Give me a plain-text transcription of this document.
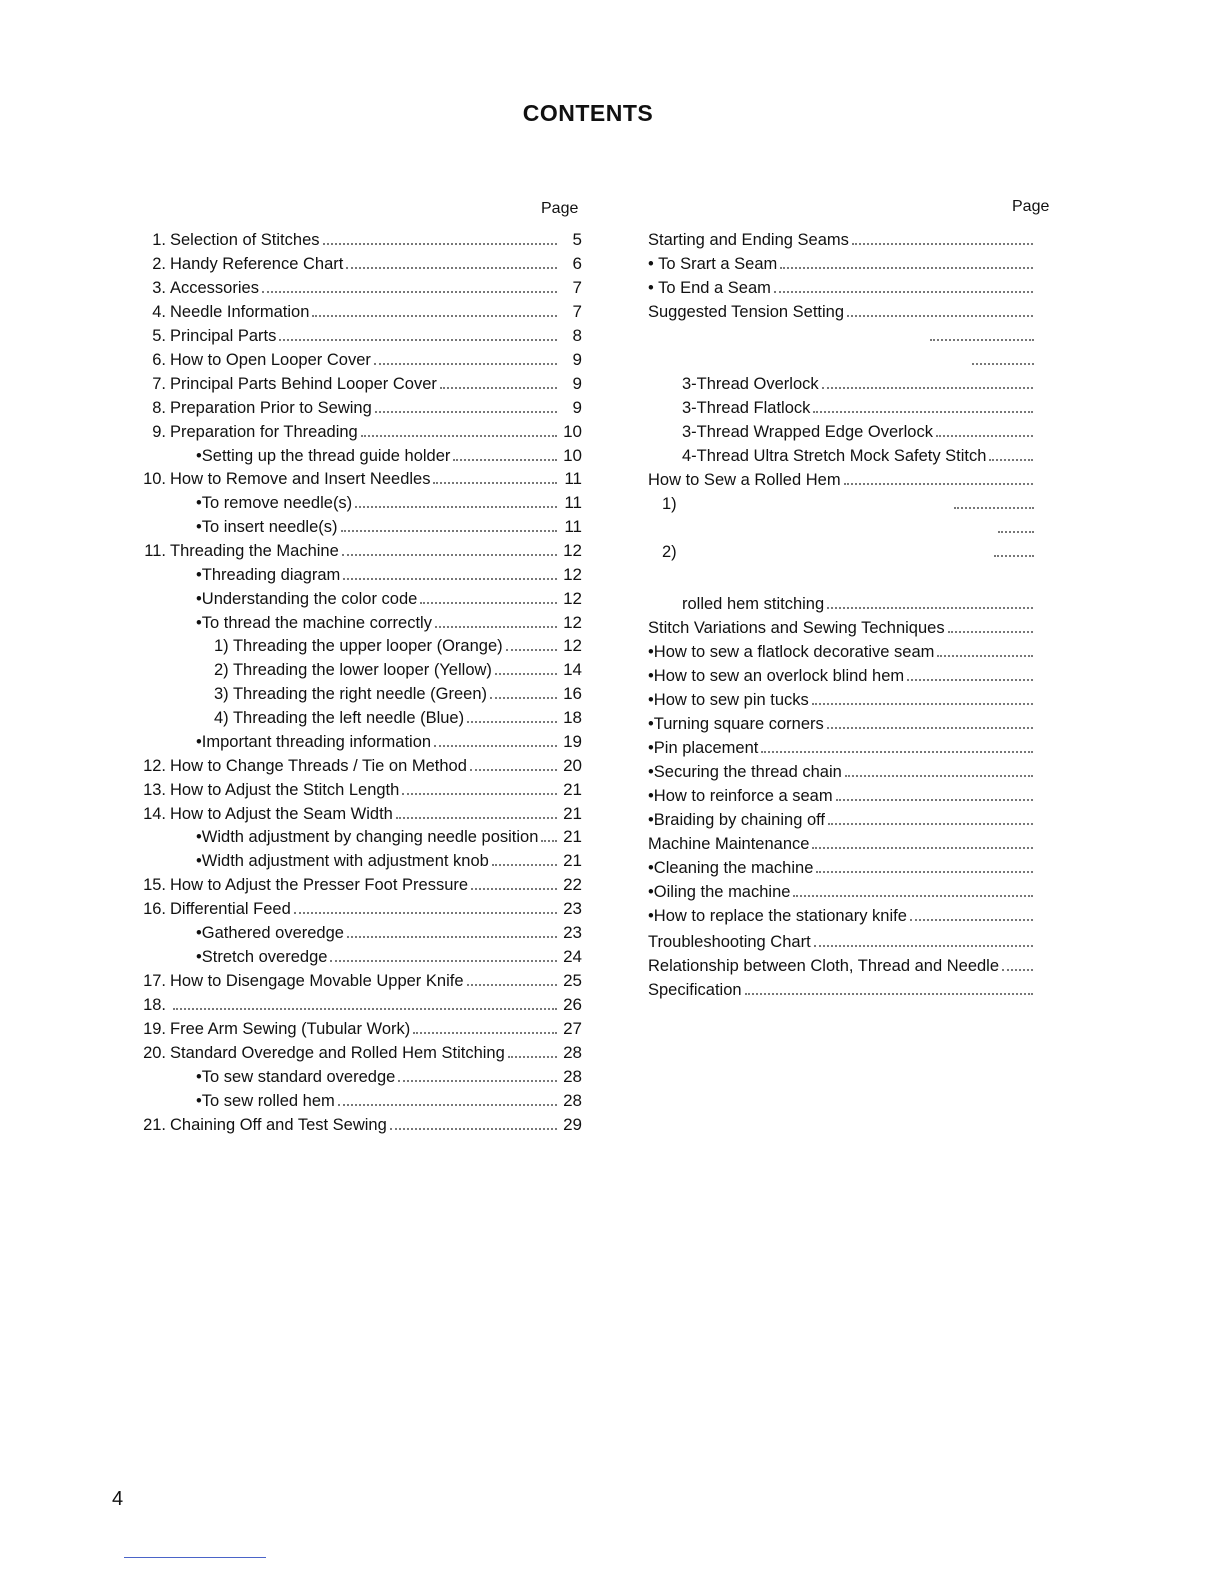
CONTENTS
Page	Page
1. Selection of Stitches	5
2. Handy Reference Chart	6
3. Accessories	7
4. Needle Information	7
5. Principal Parts	8
6. How to Open Looper Cover	9
7. Principal Parts Behind Looper Cover	9
8. Preparation Prior to Sewing	9
9. Preparation for Threading	10
•Setting up the thread guide holder	10
10. How to Remove and Insert Needles	11
•To remove needle(s)	11
•To insert needle(s)	11
11. Threading the Machine	12
•Threading diagram	12
•Understanding the color code	12
•To thread the machine correctly	12
1) Threading the upper looper (Orange)	12
2) Threading the lower looper (Yellow)	14
3) Threading the right needle (Green)	16
4) Threading the left needle (Blue)	18
•Important threading information	19
12. How to Change Threads / Tie on Method	20
13. How to Adjust the Stitch Length	21
14. How to Adjust the Seam Width	21
•Width adjustment by changing needle position 21
•Width adjustment with adjustment knob	21
15. How to Adjust the Presser Foot Pressure	22
16. Differential Feed	23
•Gathered overedge	23
•Stretch overedge	24
17. How to Disengage Movable Upper Knife	25
18.	26
19. Free Arm Sewing (Tubular Work)	27
20. Standard Overedge and Rolled Hem Stitching	28
•To sew standard overedge	28
•To sew rolled hem	28
21. Chaining Off and Test Sewing	29
Starting and Ending Seams
• To Srart a Seam
• To End a Seam
Suggested Tension Setting
3-Thread Overlock
3-Thread Flatlock
3-Thread Wrapped Edge Overlock
4-Thread Ultra Stretch Mock Safety Stitch
How to Sew a Rolled Hem
1)
2)
rolled hem stitching
Stitch Variations and Sewing Techniques
•How to sew a flatlock decorative seam
•How to sew an overlock blind hem
•How to sew pin tucks
•Turning square corners
•Pin placement
•Securing the thread chain
•How to reinforce a seam
•Braiding by chaining off
Machine Maintenance
•Cleaning the machine
•Oiling the machine
•How to replace the stationary knife
Troubleshooting Chart
Relationship between Cloth, Thread and Needle
Specification
4
